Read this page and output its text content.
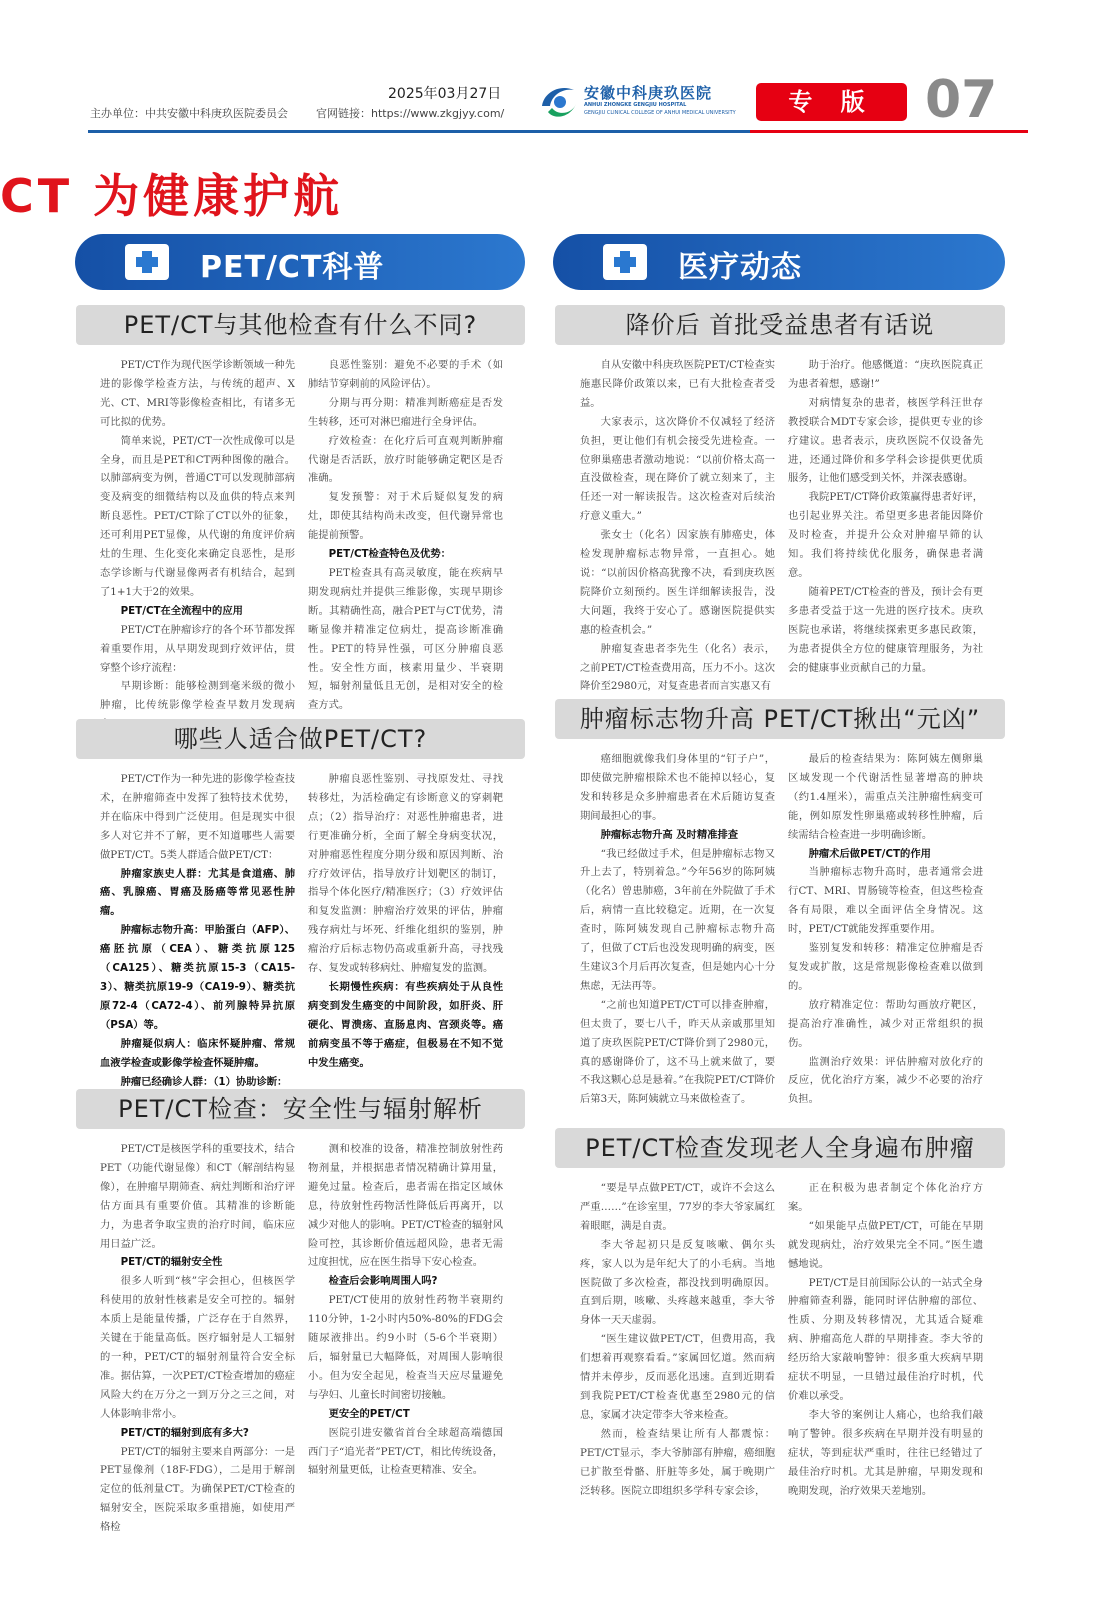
主办单位：中共安徽中科庚玖医院委员会
2025年03月27日
官网链接：https://www.zkgjyy.com/
安徽中科庚玖医院
ANHUI ZHONGKE GENGJIU HOSPITAL
GENGJIU CLINICAL COLLEGE OF ANHUI MEDICAL UNIVERSITY	专 版 07
CT 为健康护航
PET/CT科普	医疗动态
PET/CT与其他检查有什么不同?

PET/CT作为现代医学诊断领域一种先进的影像学检查方法，与传统的超声、X光、CT、MRI等影像检查相比，有诸多无可比拟的优势。

简单来说，PET/CT一次性成像可以是全身，而且是PET和CT两种图像的融合。以肺部病变为例，普通CT可以发现肺部病变及病变的细微结构以及血供的特点来判断良恶性。PET/CT除了CT以外的征象，还可利用PET显像，从代谢的角度评价病灶的生理、生化变化来确定良恶性，是形态学诊断与代谢显像两者有机结合，起到了1+1大于2的效果。

PET/CT在全流程中的应用

PET/CT在肿瘤诊疗的各个环节都发挥着重要作用，从早期发现到疗效评估，贯穿整个诊疗流程：

早期诊断：能够检测到毫米级的微小肿瘤，比传统影像学检查早数月发现病

良恶性鉴别：避免不必要的手术（如肺结节穿刺前的风险评估）。

分期与再分期：精准判断癌症是否发生转移，还可对淋巴瘤进行全身评估。

疗效检查：在化疗后可直观判断肿瘤代谢是否活跃，放疗时能够确定靶区是否准确。

复发预警：对于术后疑似复发的病灶，即使其结构尚未改变，但代谢异常也能提前预警。

PET/CT检查特色及优势：

PET检查具有高灵敏度，能在疾病早期发现病灶并提供三维影像，实现早期诊断。其精确性高，融合PET与CT优势，清晰显像并精准定位病灶，提高诊断准确性。PET的特异性强，可区分肿瘤良恶性。安全性方面，核素用量少、半衰期短，辐射剂量低且无创，是相对安全的检查方式。

哪些人适合做PET/CT?

PET/CT作为一种先进的影像学检查技术，在肿瘤筛查中发挥了独特技术优势，并在临床中得到广泛使用。但是现实中很多人对它并不了解，更不知道哪些人需要做PET/CT。5类人群适合做PET/CT：

肿瘤家族史人群：尤其是食道癌、肺癌、乳腺癌、胃癌及肠癌等常见恶性肿瘤。
肿瘤标志物升高：甲胎蛋白（AFP）、癌胚抗原（CEA）、糖类抗原125（CA125）、糖类抗原15-3（CA15-3）、糖类抗原19-9（CA19-9）、糖类抗原72-4（CA72-4）、前列腺特异抗原（PSA）等。
肿瘤疑似病人：临床怀疑肿瘤、常规血液学检查或影像学检查怀疑肿瘤。
肿瘤已经确诊人群：（1）协助诊断：

肿瘤良恶性鉴别、寻找原发灶、寻找转移灶，为活检确定有诊断意义的穿刺靶点；（2）指导治疗：对恶性肿瘤患者，进行更准确分析，全面了解全身病变状况，对肿瘤恶性程度分期分级和原因判断、治疗疗效评估，指导放疗计划靶区的制订，指导个体化医疗/精准医疗；（3）疗效评估和复发监测：肿瘤治疗效果的评估，肿瘤残存病灶与坏死、纤维化组织的鉴别，肿瘤治疗后标志物仍高或重新升高，寻找残存、复发或转移病灶、肿瘤复发的监测。

长期慢性疾病：有些疾病处于从良性病变到发生癌变的中间阶段，如肝炎、肝硬化、胃溃疡、直肠息肉、宫颈炎等。癌前病变虽不等于癌症，但极易在不知不觉中发生癌变。
PET/CT检查：安全性与辐射解析

PET/CT是核医学科的重要技术，结合PET（功能代谢显像）和CT（解剖结构显像），在肿瘤早期筛查、病灶判断和治疗评估方面具有重要价值。其精准的诊断能力，为患者争取宝贵的治疗时间，临床应用日益广泛。

PET/CT的辐射安全性

很多人听到“核”字会担心，但核医学科使用的放射性核素是安全可控的。辐射本质上是能量传播，广泛存在于自然界，关键在于能量高低。医疗辐射是人工辐射的一种，PET/CT的辐射剂量符合安全标准。据估算，一次PET/CT检查增加的癌症风险大约在万分之一到万分之三之间，对人体影响非常小。

PET/CT的辐射到底有多大?

PET/CT的辐射主要来自两部分：一是PET显像剂（18F-FDG），二是用于解剖定位的低剂量CT。为确保PET/CT检查的辐射安全，医院采取多重措施，如使用严格检

测和校准的设备，精准控制放射性药物剂量，并根据患者情况精确计算用量，避免过量。检查后，患者需在指定区域休息，待放射性药物活性降低后再离开，以减少对他人的影响。PET/CT检查的辐射风险可控，其诊断价值远超风险，患者无需过度担忧，应在医生指导下安心检查。

检查后会影响周围人吗?

PET/CT使用的放射性药物半衰期约110分钟，1-2小时内50%-80%的FDG会随尿液排出。约9小时（5-6个半衰期）后，辐射量已大幅降低，对周围人影响很小。但为安全起见，检查当天应尽量避免与孕妇、儿童长时间密切接触。

更安全的PET/CT

医院引进安徽省首台全球超高端德国西门子“追光者”PET/CT，相比传统设备，辐射剂量更低，让检查更精准、安全。

降价后 首批受益患者有话说

自从安徽中科庚玖医院PET/CT检查实施惠民降价政策以来，已有大批检查者受益。

大家表示，这次降价不仅减轻了经济负担，更让他们有机会接受先进检查。一位卵巢癌患者激动地说：“以前价格太高一直没做检查，现在降价了就立刻来了，主任还一对一解读报告。这次检查对后续治疗意义重大。”

张女士（化名）因家族有肺癌史，体检发现肿瘤标志物异常，一直担心。她说：“以前因价格高犹豫不决，看到庚玖医院降价立刻预约。医生详细解读报告，没大问题，我终于安心了。感谢医院提供实惠的检查机会。”

肿瘤复查患者李先生（化名）表示，之前PET/CT检查费用高，压力不小。这次降价至2980元，对复查患者而言实惠又有

助于治疗。他感慨道：“庚玖医院真正为患者着想，感谢!”

对病情复杂的患者，核医学科汪世存教授联合MDT专家会诊，提供更专业的诊疗建议。患者表示，庚玖医院不仅设备先进，还通过降价和多学科会诊提供更优质服务，让他们感受到关怀，并深表感谢。

我院PET/CT降价政策赢得患者好评，也引起业界关注。希望更多患者能因降价及时检查，并提升公众对肿瘤早筛的认知。我们将持续优化服务，确保患者满意。

随着PET/CT检查的普及，预计会有更多患者受益于这一先进的医疗技术。庚玖医院也承诺，将继续探索更多惠民政策，为患者提供全方位的健康管理服务，为社会的健康事业贡献自己的力量。

肿瘤标志物升高 PET/CT揪出“元凶”

癌细胞就像我们身体里的“钉子户”，即使做完肿瘤根除术也不能掉以轻心，复发和转移是众多肿瘤患者在术后随访复查期间最担心的事。

肿瘤标志物升高 及时精准排查

“我已经做过手术，但是肿瘤标志物又升上去了，特别着急。”今年56岁的陈阿姨（化名）曾患肺癌，3年前在外院做了手术后，病情一直比较稳定。近期，在一次复查时，陈阿姨发现自己肿瘤标志物升高了，但做了CT后也没发现明确的病变，医生建议3个月后再次复查，但是她内心十分焦虑，无法再等。

“之前也知道PET/CT可以排查肿瘤，但太贵了，要七八千，昨天从亲戚那里知道了庚玖医院PET/CT降价到了2980元，真的感谢降价了，这不马上就来做了，要不我这颗心总是悬着。”在我院PET/CT降价后第3天，陈阿姨就立马来做检查了。

最后的检查结果为：陈阿姨左侧卵巢区域发现一个代谢活性显著增高的肿块（约1.4厘米），需重点关注肿瘤性病变可能，例如原发性卵巢癌或转移性肿瘤，后续需结合检查进一步明确诊断。

肿瘤术后做PET/CT的作用

当肿瘤标志物升高时，患者通常会进行CT、MRI、胃肠镜等检查，但这些检查各有局限，难以全面评估全身情况。这时，PET/CT就能发挥重要作用。

鉴别复发和转移：精准定位肿瘤是否复发或扩散，这是常规影像检查难以做到的。

放疗精准定位：帮助勾画放疗靶区，提高治疗准确性，减少对正常组织的损伤。

监测治疗效果：评估肿瘤对放化疗的反应，优化治疗方案，减少不必要的治疗负担。

PET/CT检查发现老人全身遍布肿瘤

“要是早点做PET/CT，或许不会这么严重……”在诊室里，77岁的李大爷家属红着眼眶，满是自责。

李大爷起初只是反复咳嗽、偶尔头疼，家人以为是年纪大了的小毛病。当地医院做了多次检查，都没找到明确原因。直到后期，咳嗽、头疼越来越重，李大爷身体一天天虚弱。

“医生建议做PET/CT，但费用高，我们想着再观察看看。”家属回忆道。然而病情并未停步，反而恶化迅速。直到近期看到我院PET/CT检查优惠至2980元的信息，家属才决定带李大爷来检查。

然而，检查结果让所有人都震惊：PET/CT显示，李大爷肺部有肿瘤，癌细胞已扩散至骨骼、肝脏等多处，属于晚期广泛转移。医院立即组织多学科专家会诊，

正在积极为患者制定个体化治疗方案。

“如果能早点做PET/CT，可能在早期就发现病灶，治疗效果完全不同。”医生遗憾地说。

PET/CT是目前国际公认的一站式全身肿瘤筛查利器，能同时评估肿瘤的部位、性质、分期及转移情况，尤其适合疑难病、肿瘤高危人群的早期排查。李大爷的经历给大家敲响警钟：很多重大疾病早期症状不明显，一旦错过最佳治疗时机，代价难以承受。

李大爷的案例让人痛心，也给我们敲响了警钟。很多疾病在早期并没有明显的症状，等到症状严重时，往往已经错过了最佳治疗时机。尤其是肿瘤，早期发现和晚期发现，治疗效果天差地别。
